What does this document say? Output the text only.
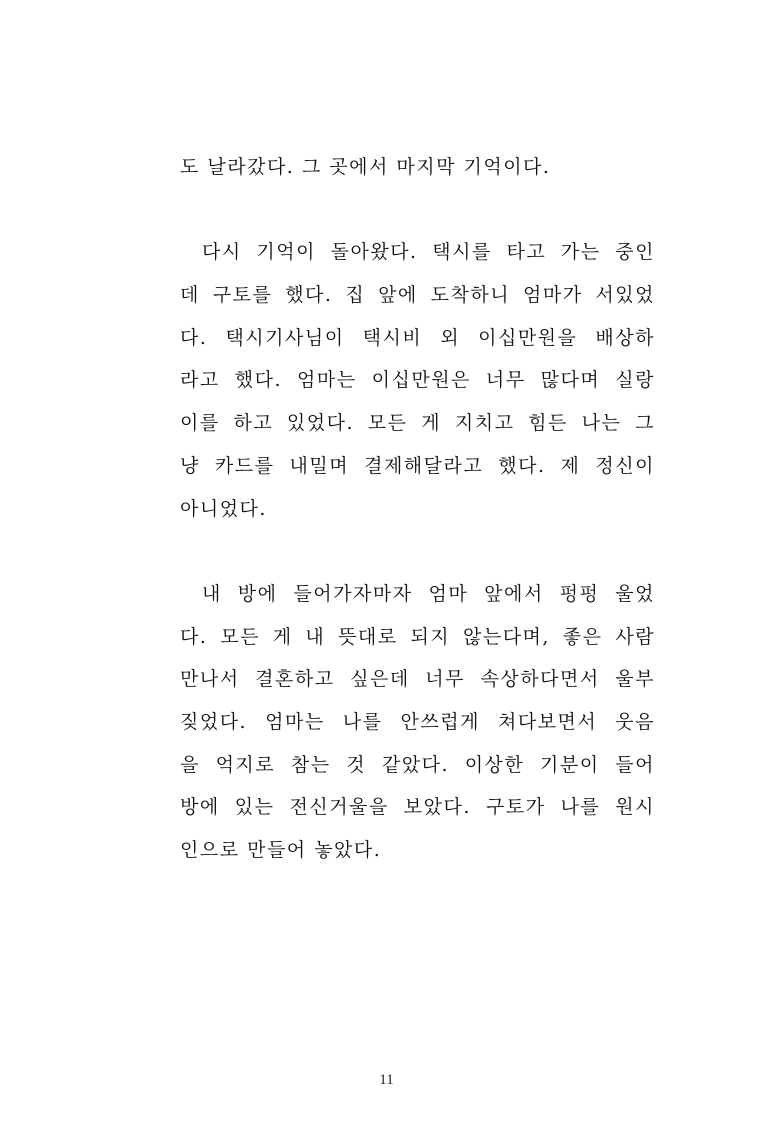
도 날라갔다. 그 곳에서 마지막 기억이다.
다시 기억이 돌아왔다. 택시를 타고 가는 중인
데 구토를 했다. 집 앞에 도착하니 엄마가 서있었
다. 택시기사님이 택시비 외 이십만원을 배상하
라고 했다. 엄마는 이십만원은 너무 많다며 실랑
이를 하고 있었다. 모든 게 지치고 힘든 나는 그
냥 카드를 내밀며 결제해달라고 했다. 제 정신이
아니었다.
내 방에 들어가자마자 엄마 앞에서 펑펑 울었
다. 모든 게 내 뜻대로 되지 않는다며, 좋은 사람
만나서 결혼하고 싶은데 너무 속상하다면서 울부
짖었다. 엄마는 나를 안쓰럽게 쳐다보면서 웃음
을 억지로 참는 것 같았다. 이상한 기분이 들어
방에 있는 전신거울을 보았다. 구토가 나를 원시
인으로 만들어 놓았다.
11
